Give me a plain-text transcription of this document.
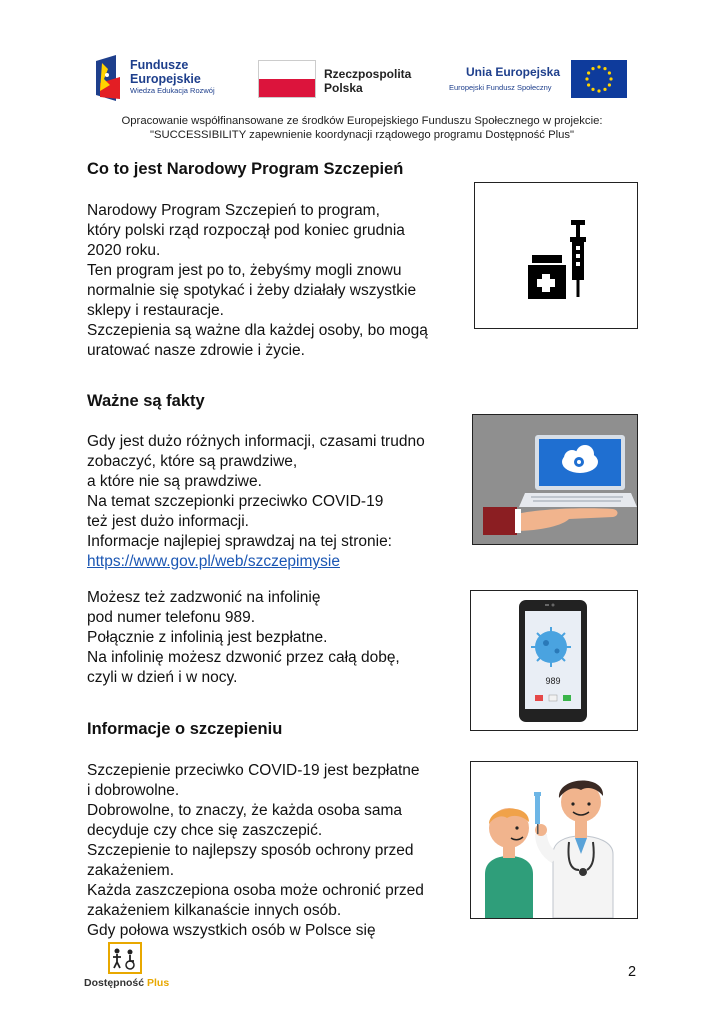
Fundusze
Europejskie
Wiedza Edukacja Rozwój
Rzeczpospolita
Polska
Unia Europejska
Europejski Fundusz Społeczny
Opracowanie współfinansowane ze środków Europejskiego Funduszu Społecznego w projekcie:
"SUCCESSIBILITY zapewnienie koordynacji rządowego programu Dostępność Plus"
Co to jest Narodowy Program Szczepień
Narodowy Program Szczepień to program,
który polski rząd rozpoczął pod koniec grudnia
2020 roku.
Ten program jest po to, żebyśmy mogli znowu
normalnie się spotykać i żeby działały wszystkie
sklepy i restauracje.
Szczepienia są ważne dla każdej osoby, bo mogą
uratować nasze zdrowie i życie.
Ważne są fakty
Gdy jest dużo różnych informacji, czasami trudno
zobaczyć, które są prawdziwe,
a które nie są prawdziwe.
Na temat szczepionki przeciwko COVID-19
też jest dużo informacji.
Informacje najlepiej sprawdzaj na tej stronie:
https://www.gov.pl/web/szczepimysie
Możesz też zadzwonić na infolinię
pod numer telefonu 989.
Połącznie z infolinią jest bezpłatne.
Na infolinię możesz dzwonić przez całą dobę,
czyli w dzień i w nocy.	989
Informacje o szczepieniu
Szczepienie przeciwko COVID-19 jest bezpłatne
i dobrowolne.
Dobrowolne, to znaczy, że każda osoba sama
decyduje czy chce się zaszczepić.
Szczepienie to najlepszy sposób ochrony przed
zakażeniem.
Każda zaszczepiona osoba może ochronić przed
zakażeniem kilkanaście innych osób.
Gdy połowa wszystkich osób w Polsce się
Dostępność Plus
2
